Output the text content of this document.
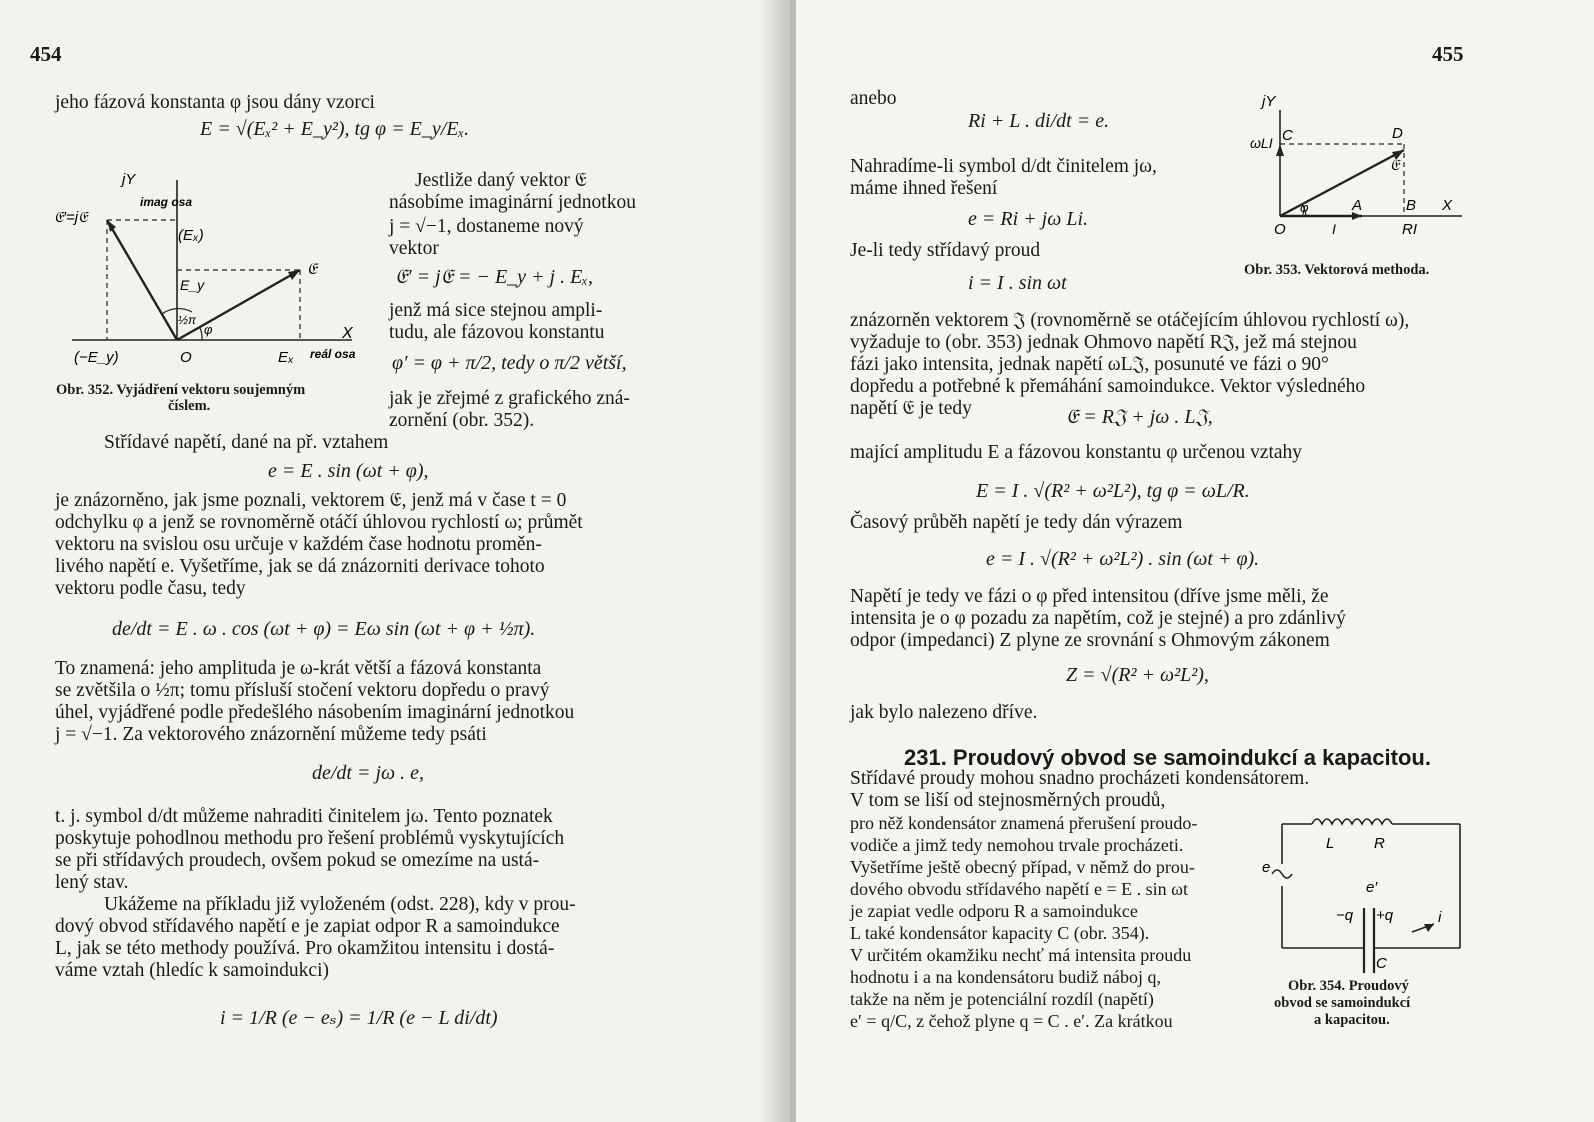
454
jeho fázová konstanta φ jsou dány vzorci
E = √(Eₓ² + E_y²), tg φ = E_y/Eₓ.
jY
imag osa
𝔈′=j𝔈
(Eₓ)
𝔈
E_y
½π
φ
(−E_y)	O	Eₓ
X
reál osa
Obr. 352. Vyjádření vektoru soujemným
číslem.
Jestliže daný vektor 𝔈
násobíme imaginární jednotkou
j = √−1, dostaneme nový
vektor
𝔈′ = j𝔈 = − E_y + j . Eₓ,
jenž má sice stejnou ampli-
tudu, ale fázovou konstantu
φ′ = φ + π/2, tedy o π/2 větší,
jak je zřejmé z grafického zná-
zornění (obr. 352).
Střídavé napětí, dané na př. vztahem
e = E . sin (ωt + φ),
je znázorněno, jak jsme poznali, vektorem 𝔈, jenž má v čase t = 0
odchylku φ a jenž se rovnoměrně otáčí úhlovou rychlostí ω; průmět
vektoru na svislou osu určuje v každém čase hodnotu proměn-
livého napětí e. Vyšetříme, jak se dá znázorniti derivace tohoto
vektoru podle času, tedy
de/dt = E . ω . cos (ωt + φ) = Eω sin (ωt + φ + ½π).
To znamená: jeho amplituda je ω-krát větší a fázová konstanta
se zvětšila o ½π; tomu přísluší stočení vektoru dopředu o pravý
úhel, vyjádřené podle předešlého násobením imaginární jednotkou
j = √−1. Za vektorového znázornění můžeme tedy psáti
de/dt = jω . e,
t. j. symbol d/dt můžeme nahraditi činitelem jω. Tento poznatek
poskytuje pohodlnou methodu pro řešení problémů vyskytujících
se při střídavých proudech, ovšem pokud se omezíme na ustá-
lený stav.
Ukážeme na příkladu již vyloženém (odst. 228), kdy v prou-
dový obvod střídavého napětí e je zapiat odpor R a samoindukce
L, jak se této methody používá. Pro okamžitou intensitu i dostá-
váme vztah (hledíc k samoindukci)
i = 1/R (e − eₛ) = 1/R (e − L di/dt)
455
anebo
Ri + L . di/dt = e.
Nahradíme-li symbol d/dt činitelem jω,
máme ihned řešení
e = Ri + jω Li.
Je-li tedy střídavý proud
i = I . sin ωt
jY
ωLI C	D
𝔈
φ	A	B X
O	I	RI
Obr. 353. Vektorová methoda.
znázorněn vektorem 𝔍 (rovnoměrně se otáčejícím úhlovou rychlostí ω),
vyžaduje to (obr. 353) jednak Ohmovo napětí R𝔍, jež má stejnou
fázi jako intensita, jednak napětí ωL𝔍, posunuté ve fázi o 90°
dopředu a potřebné k přemáhání samoindukce. Vektor výsledného
napětí 𝔈 je tedy	𝔈 = R𝔍 + jω . L𝔍,
mající amplitudu E a fázovou konstantu φ určenou vztahy
E = I . √(R² + ω²L²), tg φ = ωL/R.
Časový průběh napětí je tedy dán výrazem
e = I . √(R² + ω²L²) . sin (ωt + φ).
Napětí je tedy ve fázi o φ před intensitou (dříve jsme měli, že
intensita je o φ pozadu za napětím, což je stejné) a pro zdánlivý
odpor (impedanci) Z plyne ze srovnání s Ohmovým zákonem
Z = √(R² + ω²L²),
jak bylo nalezeno dříve.
231. Proudový obvod se samoindukcí a kapacitou.
Střídavé proudy mohou snadno procházeti kondensátorem.
V tom se liší od stejnosměrných proudů,
pro něž kondensátor znamená přerušení proudo-
vodiče a jimž tedy nemohou trvale procházeti.
Vyšetříme ještě obecný případ, v němž do prou-
dového obvodu střídavého napětí e = E . sin ωt
je zapiat vedle odporu R a samoindukce
L také kondensátor kapacity C (obr. 354).
V určitém okamžiku nechť má intensita proudu
hodnotu i a na kondensátoru budiž náboj q,
takže na něm je potenciální rozdíl (napětí)
e′ = q/C, z čehož plyne q = C . e′. Za krátkou
L	R
e
e′
−q +q	i
C
Obr. 354. Proudový
obvod se samoindukcí
a kapacitou.
